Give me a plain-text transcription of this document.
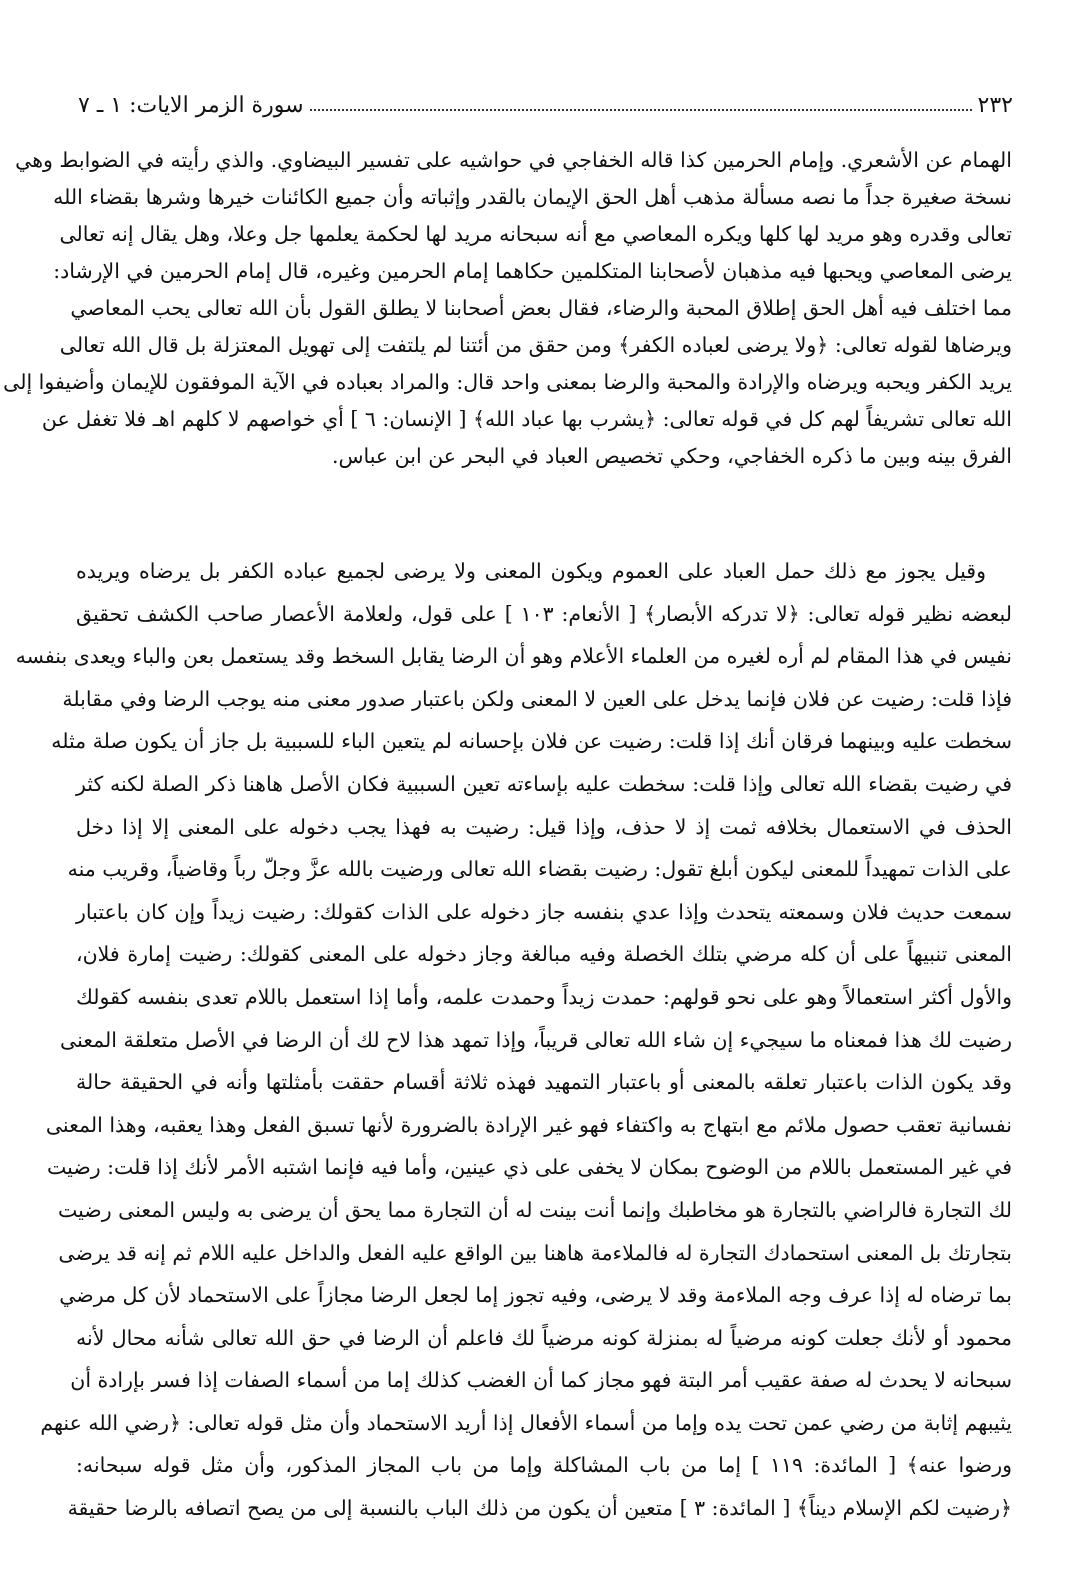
٢٣٢
سورة الزمر الايات: ١ ـ ٧
الهمام عن الأشعري. وإمام الحرمين كذا قاله الخفاجي في حواشيه على تفسير البيضاوي. والذي رأيته في الضوابط وهي
نسخة صغيرة جداً ما نصه مسألة مذهب أهل الحق الإيمان بالقدر وإثباته وأن جميع الكائنات خيرها وشرها بقضاء الله
تعالى وقدره وهو مريد لها كلها ويكره المعاصي مع أنه سبحانه مريد لها لحكمة يعلمها جل وعلا، وهل يقال إنه تعالى
يرضى المعاصي ويحبها فيه مذهبان لأصحابنا المتكلمين حكاهما إمام الحرمين وغيره، قال إمام الحرمين في الإرشاد:
مما اختلف فيه أهل الحق إطلاق المحبة والرضاء، فقال بعض أصحابنا لا يطلق القول بأن الله تعالى يحب المعاصي
ويرضاها لقوله تعالى: ﴿ولا يرضى لعباده الكفر﴾ ومن حقق من أئتنا لم يلتفت إلى تهويل المعتزلة بل قال الله تعالى
يريد الكفر ويحبه ويرضاه والإرادة والمحبة والرضا بمعنى واحد قال: والمراد بعباده في الآية الموفقون للإيمان وأضيفوا إلى
الله تعالى تشريفاً لهم كل في قوله تعالى: ﴿يشرب بها عباد الله﴾ [ الإنسان: ٦ ] أي خواصهم لا كلهم اهـ فلا تغفل عن
الفرق بينه وبين ما ذكره الخفاجي، وحكي تخصيص العباد في البحر عن ابن عباس.
وقيل يجوز مع ذلك حمل العباد على العموم ويكون المعنى ولا يرضى لجميع عباده الكفر بل يرضاه ويريده
لبعضه نظير قوله تعالى: ﴿لا تدركه الأبصار﴾ [ الأنعام: ١٠٣ ] على قول، ولعلامة الأعصار صاحب الكشف تحقيق
نفيس في هذا المقام لم أره لغيره من العلماء الأعلام وهو أن الرضا يقابل السخط وقد يستعمل بعن والباء ويعدى بنفسه
فإذا قلت: رضيت عن فلان فإنما يدخل على العين لا المعنى ولكن باعتبار صدور معنى منه يوجب الرضا وفي مقابلة
سخطت عليه وبينهما فرقان أنك إذا قلت: رضيت عن فلان بإحسانه لم يتعين الباء للسببية بل جاز أن يكون صلة مثله
في رضيت بقضاء الله تعالى وإذا قلت: سخطت عليه بإساءته تعين السببية فكان الأصل هاهنا ذكر الصلة لكنه كثر
الحذف في الاستعمال بخلافه ثمت إذ لا حذف، وإذا قيل: رضيت به فهذا يجب دخوله على المعنى إلا إذا دخل
على الذات تمهيداً للمعنى ليكون أبلغ تقول: رضيت بقضاء الله تعالى ورضيت بالله عزَّ وجلّ رباً وقاضياً، وقريب منه
سمعت حديث فلان وسمعته يتحدث وإذا عدي بنفسه جاز دخوله على الذات كقولك: رضيت زيداً وإن كان باعتبار
المعنى تنبيهاً على أن كله مرضي بتلك الخصلة وفيه مبالغة وجاز دخوله على المعنى كقولك: رضيت إمارة فلان،
والأول أكثر استعمالاً وهو على نحو قولهم: حمدت زيداً وحمدت علمه، وأما إذا استعمل باللام تعدى بنفسه كقولك
رضيت لك هذا فمعناه ما سيجيء إن شاء الله تعالى قريباً، وإذا تمهد هذا لاح لك أن الرضا في الأصل متعلقة المعنى
وقد يكون الذات باعتبار تعلقه بالمعنى أو باعتبار التمهيد فهذه ثلاثة أقسام حققت بأمثلتها وأنه في الحقيقة حالة
نفسانية تعقب حصول ملائم مع ابتهاج به واكتفاء فهو غير الإرادة بالضرورة لأنها تسبق الفعل وهذا يعقبه، وهذا المعنى
في غير المستعمل باللام من الوضوح بمكان لا يخفى على ذي عينين، وأما فيه فإنما اشتبه الأمر لأنك إذا قلت: رضيت
لك التجارة فالراضي بالتجارة هو مخاطبك وإنما أنت بينت له أن التجارة مما يحق أن يرضى به وليس المعنى رضيت
بتجارتك بل المعنى استحمادك التجارة له فالملاءمة هاهنا بين الواقع عليه الفعل والداخل عليه اللام ثم إنه قد يرضى
بما ترضاه له إذا عرف وجه الملاءمة وقد لا يرضى، وفيه تجوز إما لجعل الرضا مجازاً على الاستحماد لأن كل مرضي
محمود أو لأنك جعلت كونه مرضياً له بمنزلة كونه مرضياً لك فاعلم أن الرضا في حق الله تعالى شأنه محال لأنه
سبحانه لا يحدث له صفة عقيب أمر البتة فهو مجاز كما أن الغضب كذلك إما من أسماء الصفات إذا فسر بإرادة أن
يثيبهم إثابة من رضي عمن تحت يده وإما من أسماء الأفعال إذا أريد الاستحماد وأن مثل قوله تعالى: ﴿رضي الله عنهم
ورضوا عنه﴾ [ المائدة: ١١٩ ] إما من باب المشاكلة وإما من باب المجاز المذكور، وأن مثل قوله سبحانه:
﴿رضيت لكم الإسلام ديناً﴾ [ المائدة: ٣ ] متعين أن يكون من ذلك الباب بالنسبة إلى من يصح اتصافه بالرضا حقيقة
